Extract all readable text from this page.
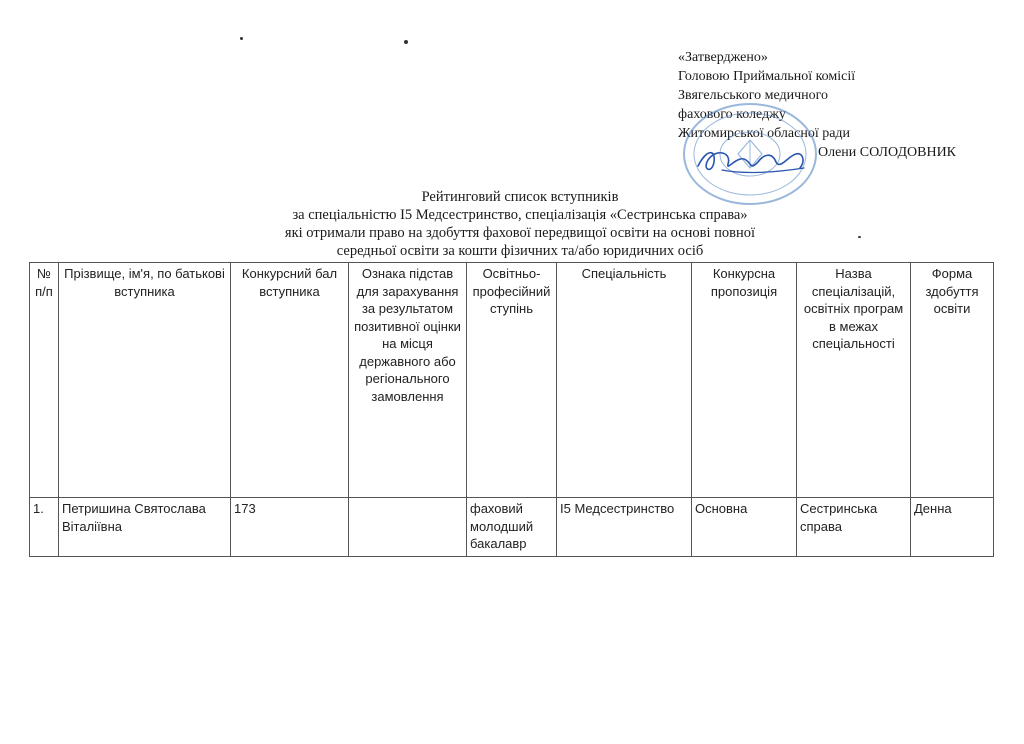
«Затверджено»
Головою Приймальної комісії
Звягельського медичного
фахового коледжу
Житомирської обласної ради
Олени СОЛОДОВНИК
Рейтинговий список вступників
за спеціальністю І5 Медсестринство, спеціалізація «Сестринська справа»
які отримали право на здобуття фахової передвищої освіти на основі повної
середньої освіти за кошти фізичних та/або юридичних осіб
№ п/п	Прізвище, ім'я, по батькові вступника	Конкурсний бал вступника	Ознака підстав для зарахування за результатом позитивної оцінки на місця державного або регіонального замовлення	Освітньо-професійний ступінь	Спеціальність	Конкурсна пропозиція	Назва спеціалізацій, освітніх програм в межах спеціальності	Форма здобуття освіти
1.	Петришина Святослава Віталіївна	173		фаховий молодший бакалавр	І5 Медсестринство	Основна	Сестринська справа	Денна
